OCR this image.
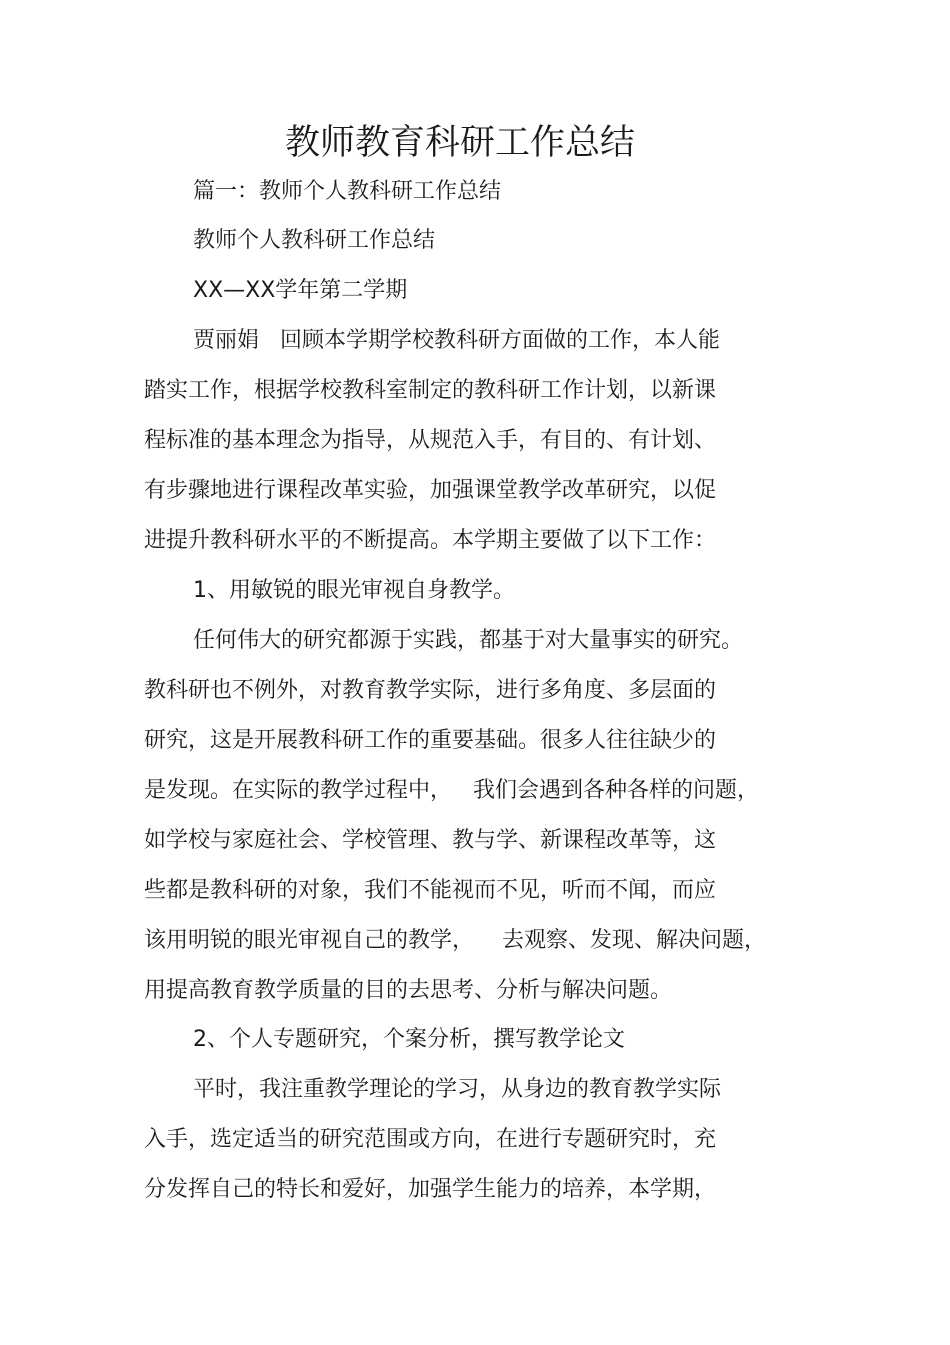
教师教育科研工作总结
篇一：教师个人教科研工作总结
教师个人教科研工作总结
XX—XX学年第二学期
贾丽娟   回顾本学期学校教科研方面做的工作，本人能
踏实工作，根据学校教科室制定的教科研工作计划，以新课
程标准的基本理念为指导，从规范入手，有目的、有计划、
有步骤地进行课程改革实验，加强课堂教学改革研究，以促
进提升教科研水平的不断提高。本学期主要做了以下工作：
1、用敏锐的眼光审视自身教学。
任何伟大的研究都源于实践，都基于对大量事实的研究。
教科研也不例外，对教育教学实际，进行多角度、多层面的
研究，这是开展教科研工作的重要基础。很多人往往缺少的
是发现。在实际的教学过程中，   我们会遇到各种各样的问题，
如学校与家庭社会、学校管理、教与学、新课程改革等，这
些都是教科研的对象，我们不能视而不见，听而不闻，而应
该用明锐的眼光审视自己的教学，    去观察、发现、解决问题，
用提高教育教学质量的目的去思考、分析与解决问题。
2、个人专题研究，个案分析，撰写教学论文
平时，我注重教学理论的学习，从身边的教育教学实际
入手，选定适当的研究范围或方向，在进行专题研究时，充
分发挥自己的特长和爱好，加强学生能力的培养，本学期，
